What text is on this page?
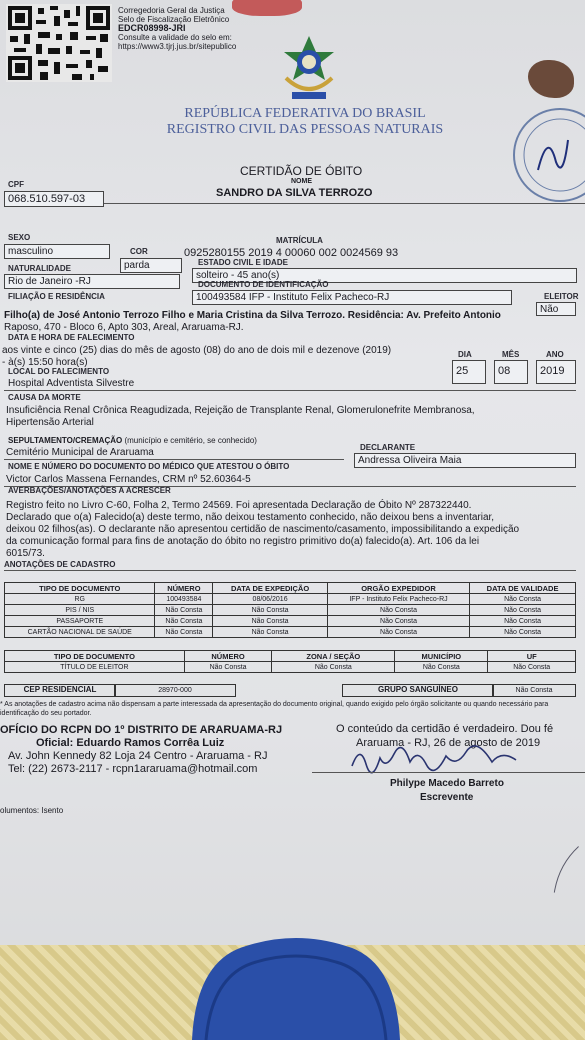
Corregedoria Geral da Justiça
Selo de Fiscalização Eletrônico
EDCR08998-JRI
Consulte a validade do selo em:
https://www3.tjrj.jus.br/sitepublico
REPÚBLICA FEDERATIVA DO BRASIL
REGISTRO CIVIL DAS PESSOAS NATURAIS
CERTIDÃO DE ÓBITO
NOME
SANDRO DA SILVA TERROZO
CPF
068.510.597-03
MATRÍCULA
0925280155 2019 4 00060 002 0024569 93
SEXO
masculino	COR
parda	ESTADO CIVIL E IDADE
solteiro - 45 ano(s)
NATURALIDADE
Rio de Janeiro -RJ	DOCUMENTO DE IDENTIFICAÇÃO
100493584 IFP - Instituto Felix Pacheco-RJ	ELEITOR
Não
FILIAÇÃO E RESIDÊNCIA
Filho(a) de José Antonio Terrozo Filho e Maria Cristina da Silva Terrozo. Residência: Av. Prefeito Antonio
Raposo, 470 - Bloco 6, Apto 303, Areal, Araruama-RJ.
DATA E HORA DE FALECIMENTO
aos vinte e cinco (25) dias do mês de agosto (08) do ano de dois mil e dezenove (2019)
- à(s) 15:50 hora(s)
DIA
25
MÊS
08
ANO
2019
LOCAL DO FALECIMENTO
Hospital Adventista Silvestre
CAUSA DA MORTE
Insuficiência Renal Crônica Reagudizada, Rejeição de Transplante Renal, Glomerulonefrite Membranosa,
Hipertensão Arterial
SEPULTAMENTO/CREMAÇÃO (município e cemitério, se conhecido)
Cemitério Municipal de Araruama	DECLARANTE
Andressa Oliveira Maia
NOME E NÚMERO DO DOCUMENTO DO MÉDICO QUE ATESTOU O ÓBITO
Victor Carlos Massena Fernandes, CRM nº 52.60364-5
AVERBAÇÕES/ANOTAÇÕES A ACRESCER
Registro feito no Livro C-60, Folha 2, Termo 24569. Foi apresentada Declaração de Óbito Nº 287322440.
Declarado que o(a) Falecido(a) deste termo, não deixou testamento conhecido, não deixou bens a inventariar,
deixou 02 filhos(as). O declarante não apresentou certidão de nascimento/casamento, impossibilitando a expedição
da comunicação formal para fins de anotação do óbito no registro primitivo do(a) falecido(a). Art. 106 da lei
6015/73.
ANOTAÇÕES DE CADASTRO
TIPO DE DOCUMENTO	NÚMERO	DATA DE EXPEDIÇÃO	ORGÃO EXPEDIDOR	DATA DE VALIDADE
RG	100493584	08/06/2016	IFP - Instituto Felix Pacheco-RJ	Não Consta
PIS / NIS	Não Consta	Não Consta	Não Consta	Não Consta
PASSAPORTE	Não Consta	Não Consta	Não Consta	Não Consta
CARTÃO NACIONAL DE SAÚDE	Não Consta	Não Consta	Não Consta	Não Consta
TIPO DE DOCUMENTO	NÚMERO	ZONA / SEÇÃO	MUNICÍPIO	UF
TÍTULO DE ELEITOR	Não Consta	Não Consta	Não Consta	Não Consta
CEP RESIDENCIAL	28970-000	GRUPO SANGUÍNEO	Não Consta
* As anotações de cadastro acima não dispensam a parte interessada da apresentação do documento original, quando exigido pelo órgão solicitante ou quando necessário para identificação do seu portador.
OFÍCIO DO RCPN DO 1º DISTRITO DE ARARUAMA-RJ
Oficial: Eduardo Ramos Corrêa Luiz
Av. John Kennedy 82 Loja 24 Centro - Araruama - RJ
Tel: (22) 2673-2117 - rcpn1araruama@hotmail.com
O conteúdo da certidão é verdadeiro. Dou fé
Araruama - RJ, 26 de agosto de 2019
Philype Macedo Barreto
Escrevente
olumentos: Isento
